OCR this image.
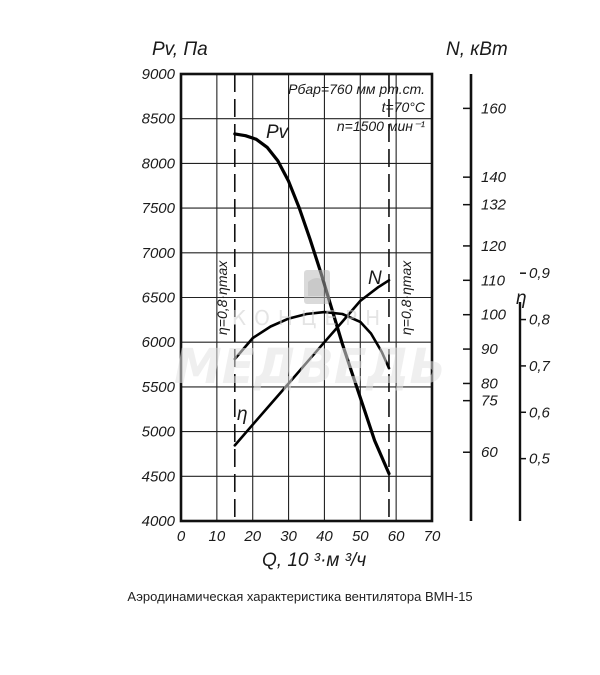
4000
4500
5000
5500
6000
6500
7000
7500
8000
8500
9000
0 10 20 30 40 50 60 70
60
75
80
90
100
110
120
132
140
160
0,5
0,6
0,7
0,8
0,9
КОНЦЕРН
МЕДВЕДЬ
Рбар=760 мм рт.ст.
t=70°C
n=1500 мин⁻¹
Pv, Па	N, кВт
η
Q, 10 ³·м ³/ч
η=0,8·ηmax	η=0,8·ηmax
Pv
N
η
Аэродинамическая характеристика вентилятора ВМН-15
